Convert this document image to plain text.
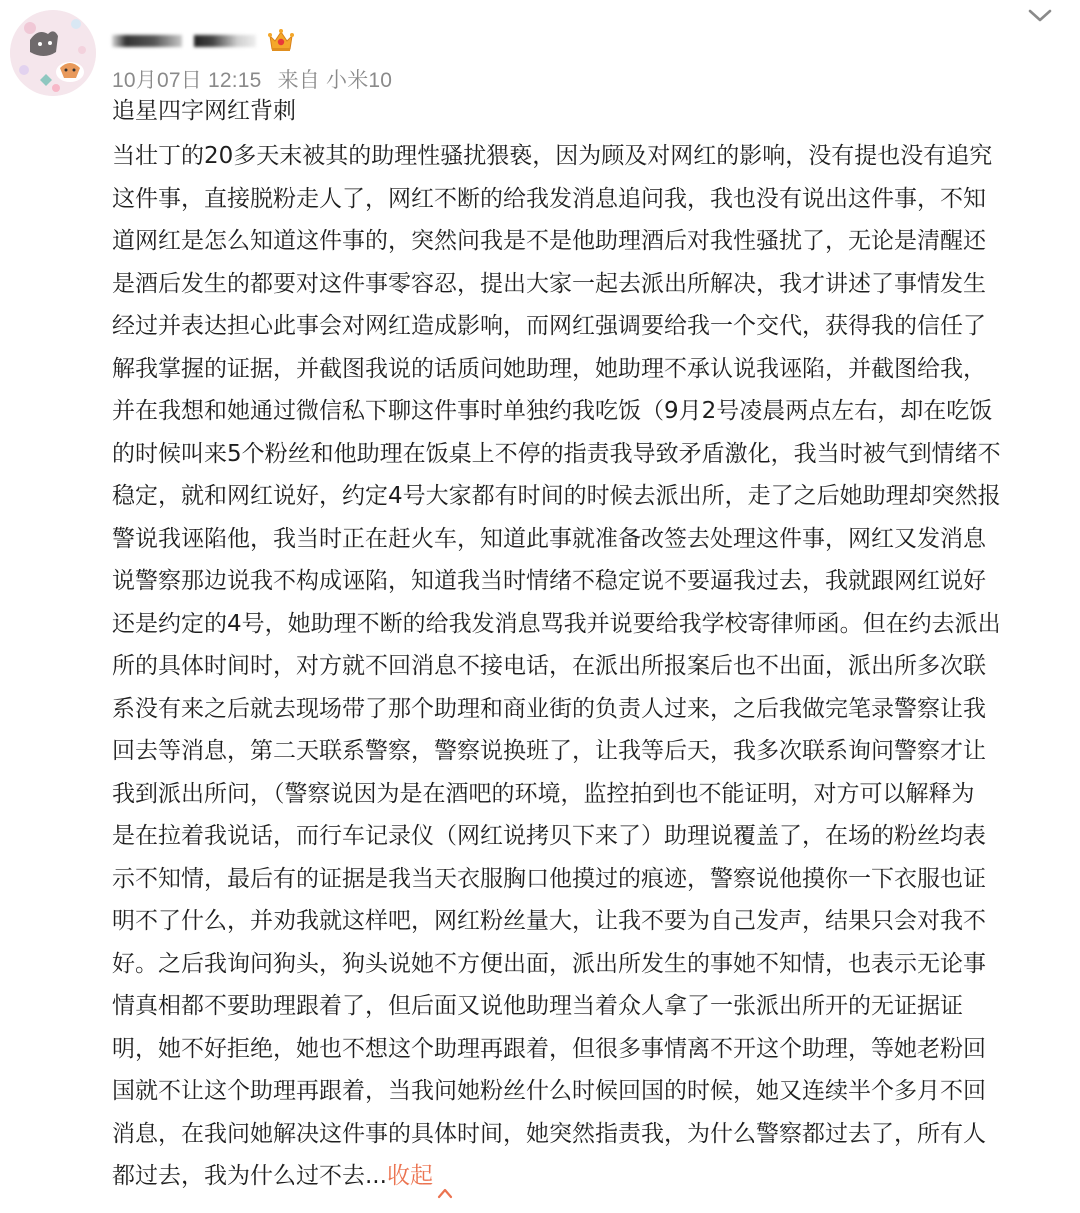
10月07日 12:15 来自 小米10
追星四字网红背刺
当壮丁的20多天末被其的助理性骚扰猥亵，因为顾及对网红的影响，没有提也没有追究
这件事，直接脱粉走人了，网红不断的给我发消息追问我，我也没有说出这件事，不知
道网红是怎么知道这件事的，突然问我是不是他助理酒后对我性骚扰了，无论是清醒还
是酒后发生的都要对这件事零容忍，提出大家一起去派出所解决，我才讲述了事情发生
经过并表达担心此事会对网红造成影响，而网红强调要给我一个交代，获得我的信任了
解我掌握的证据，并截图我说的话质问她助理，她助理不承认说我诬陷，并截图给我，
并在我想和她通过微信私下聊这件事时单独约我吃饭（9月2号凌晨两点左右，却在吃饭
的时候叫来5个粉丝和他助理在饭桌上不停的指责我导致矛盾激化，我当时被气到情绪不
稳定，就和网红说好，约定4号大家都有时间的时候去派出所，走了之后她助理却突然报
警说我诬陷他，我当时正在赶火车，知道此事就准备改签去处理这件事，网红又发消息
说警察那边说我不构成诬陷，知道我当时情绪不稳定说不要逼我过去，我就跟网红说好
还是约定的4号，她助理不断的给我发消息骂我并说要给我学校寄律师函。但在约去派出
所的具体时间时，对方就不回消息不接电话，在派出所报案后也不出面，派出所多次联
系没有来之后就去现场带了那个助理和商业街的负责人过来，之后我做完笔录警察让我
回去等消息，第二天联系警察，警察说换班了，让我等后天，我多次联系询问警察才让
我到派出所问，（警察说因为是在酒吧的环境，监控拍到也不能证明，对方可以解释为
是在拉着我说话，而行车记录仪（网红说拷贝下来了）助理说覆盖了，在场的粉丝均表
示不知情，最后有的证据是我当天衣服胸口他摸过的痕迹，警察说他摸你一下衣服也证
明不了什么，并劝我就这样吧，网红粉丝量大，让我不要为自己发声，结果只会对我不
好。之后我询问狗头，狗头说她不方便出面，派出所发生的事她不知情，也表示无论事
情真相都不要助理跟着了，但后面又说他助理当着众人拿了一张派出所开的无证据证
明，她不好拒绝，她也不想这个助理再跟着，但很多事情离不开这个助理，等她老粉回
国就不让这个助理再跟着，当我问她粉丝什么时候回国的时候，她又连续半个多月不回
消息，在我问她解决这件事的具体时间，她突然指责我，为什么警察都过去了，所有人
都过去，我为什么过不去...收起
